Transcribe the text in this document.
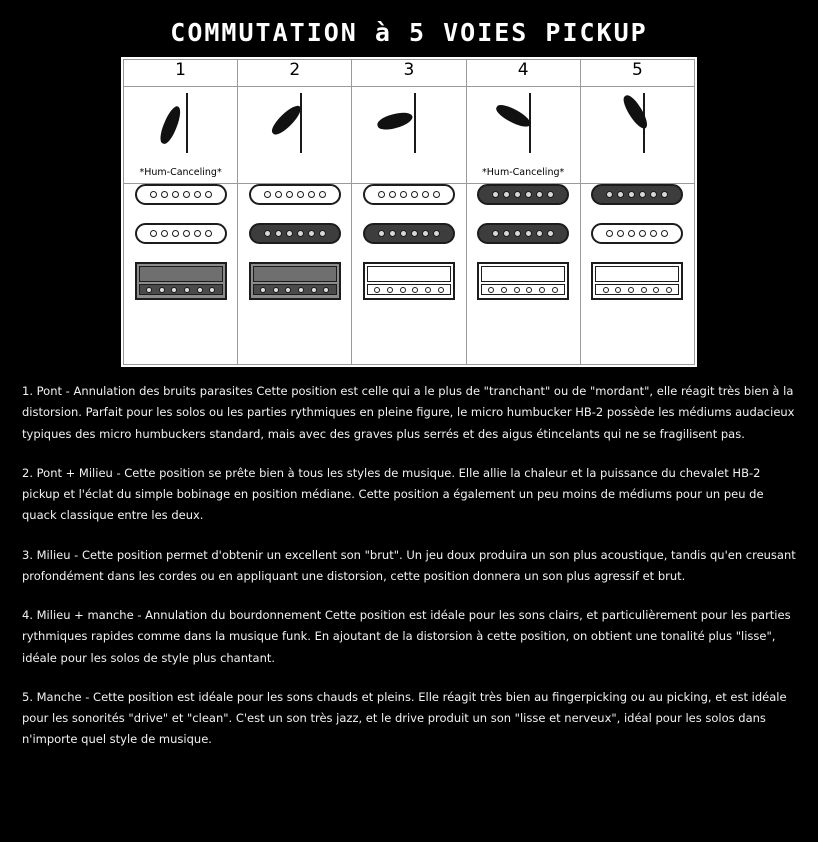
COMMUTATION à 5 VOIES PICKUP
1	2	3	4	5

*Hum-Canceling*			*Hum-Canceling*	

1. Pont - Annulation des bruits parasites Cette position est celle qui a le plus de "tranchant" ou de "mordant", elle réagit très bien à la distorsion. Parfait pour les solos ou les parties rythmiques en pleine figure, le micro humbucker HB-2 possède les médiums audacieux typiques des micro humbuckers standard, mais avec des graves plus serrés et des aigus étincelants qui ne se fragilisent pas.

2. Pont + Milieu - Cette position se prête bien à tous les styles de musique. Elle allie la chaleur et la puissance du chevalet HB-2 pickup et l'éclat du simple bobinage en position médiane. Cette position a également un peu moins de médiums pour un peu de quack classique entre les deux.

3. Milieu - Cette position permet d'obtenir un excellent son "brut". Un jeu doux produira un son plus acoustique, tandis qu'en creusant profondément dans les cordes ou en appliquant une distorsion, cette position donnera un son plus agressif et brut.

4. Milieu + manche - Annulation du bourdonnement Cette position est idéale pour les sons clairs, et particulièrement pour les parties rythmiques rapides comme dans la musique funk. En ajoutant de la distorsion à cette position, on obtient une tonalité plus "lisse", idéale pour les solos de style plus chantant.

5. Manche - Cette position est idéale pour les sons chauds et pleins. Elle réagit très bien au fingerpicking ou au picking, et est idéale pour les sonorités "drive" et "clean". C'est un son très jazz, et le drive produit un son "lisse et nerveux", idéal pour les solos dans n'importe quel style de musique.
